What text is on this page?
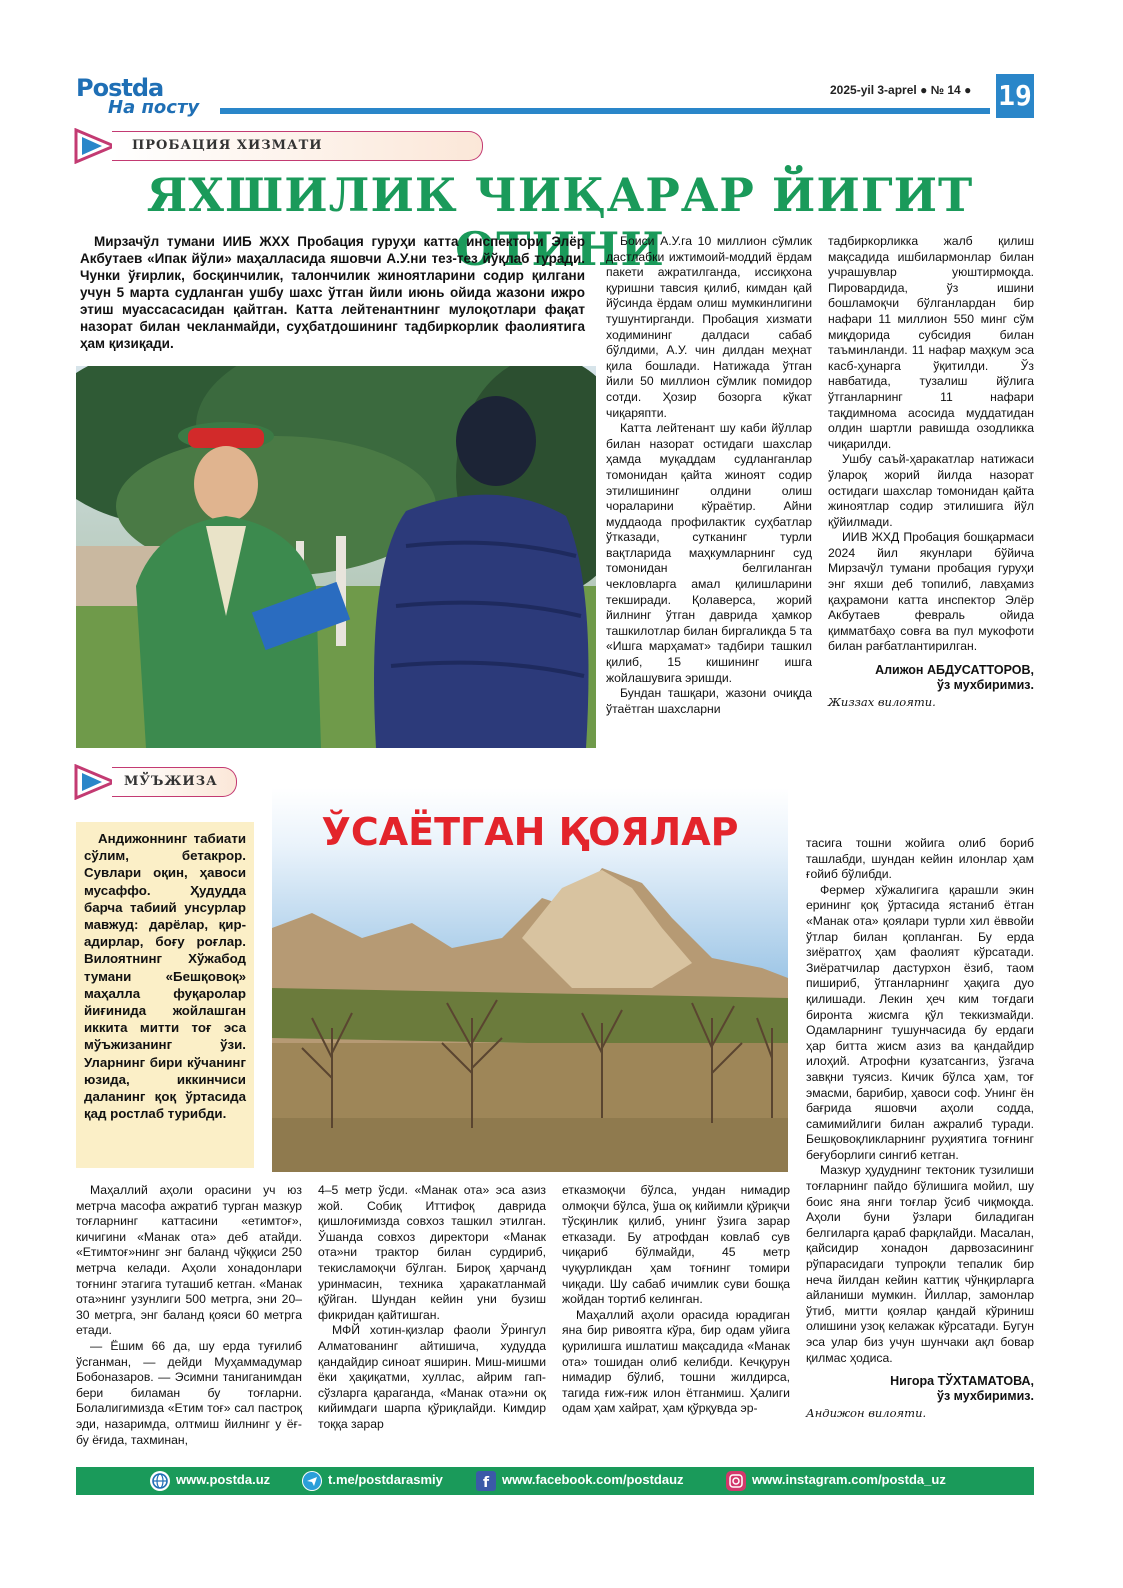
Postda
На посту
2025-yil 3-aprel ● № 14 ● 19
ПРОБАЦИЯ ХИЗМАТИ
ЯХШИЛИК ЧИҚАРАР ЙИГИТ ОТИНИ
Мирзачўл тумани ИИБ ЖХХ Пробация гуруҳи катта инспектори Элёр Акбутаев «Ипак йўли» маҳалласида яшовчи А.У.ни тез-тез йўқлаб туради. Чунки ўғирлик, босқинчилик, талончилик жиноятларини содир қилгани учун 5 марта судланган ушбу шахс ўтган йили июнь ойида жазони ижро этиш муассасасидан қайтган. Катта лейтенантнинг мулоқотлари фақат назорат билан чекланмайди, суҳбатдошининг тадбиркорлик фаолиятига ҳам қизиқади.

Боиси А.У.га 10 миллион сўмлик дастлабки ижтимоий-моддий ёрдам пакети ажратилганда, исcиқхона қуришни тавсия қилиб, кимдан қай йўсинда ёрдам олиш мумкинлигини тушунтирганди. Пробация хизмати ходимининг далдаси сабаб бўлдими, А.У. чин дилдан меҳнат қила бошлади. Натижада ўтган йили 50 миллион сўмлик помидор сотди. Ҳозир бозорга кўкат чиқаряпти.

Катта лейтенант шу каби йўллар билан назорат остидаги шахслар ҳамда муқаддам судланганлар томонидан қайта жиноят содир этилишининг олдини олиш чораларини кўраётир. Айни муддаода профилактик суҳбатлар ўтказади, сутканинг турли вақтларида маҳкумларнинг суд томонидан белгиланган чекловларга амал қилишларини текширади. Қолаверса, жорий йилнинг ўтган даврида ҳамкор ташкилотлар билан биргаликда 5 та «Ишга марҳамат» тадбири ташкил қилиб, 15 кишининг ишга жойлашувига эришди.

Бундан ташқари, жазони очиқда ўтаётган шахсларни

тадбиркорликка жалб қилиш мақсадида ишбилармонлар билан учрашувлар уюштирмоқда. Пировардида, ўз ишини бошламоқчи бўлганлардан бир нафари 11 миллион 550 минг сўм миқдорида субсидия билан таъминланди. 11 нафар маҳкум эса касб-ҳунарга ўқитилди. Ўз навбатида, тузалиш йўлига ўтганларнинг 11 нафари тақдимнома асосида муддатидан олдин шартли равишда озодликка чиқарилди.

Ушбу саъй-ҳаракатлар натижаси ўлароқ жорий йилда назорат остидаги шахслар томонидан қайта жиноятлар содир этилишига йўл қўйилмади.

ИИВ ЖХД Пробация бошқармаси 2024 йил якунлари бўйича Мирзачўл тумани пробация гуруҳи энг яхши деб топилиб, лавҳамиз қаҳрамони катта инспектор Элёр Акбутаев феврaль ойида қимматбаҳо совға ва пул мукофоти билан рағбатлантирилган.

Алижон АБДУСАТТОРОВ,
ўз мухбиримиз.
Жиззах вилояти.
МЎЪЖИЗА
ЎСАЁТГАН ҚОЯЛАР
Андижоннинг табиати сўлим, бетакрор. Сувлари оқин, ҳавоси мусаффо. Ҳудудда барча табиий унсурлар мавжуд: дарёлар, қир-адирлар, боғу роғлар. Вилоятнинг Хўжабод тумани «Бешқовоқ» маҳалла фуқаролар йиғинида жойлашган иккита митти тоғ эса мўъжизанинг ўзи. Уларнинг бири кўчанинг юзида, иккинчиси даланинг қоқ ўртасида қад ростлаб турибди.

Маҳаллий аҳоли орасини уч юз метрча масофа ажратиб турган мазкур тоғларнинг каттасини «етимтоғ», кичигини «Манак ота» деб атайди. «Етимтоғ»нинг энг баланд чўққиси 250 метрча келади. Аҳоли хонадонлари тоғнинг этагига туташиб кетган. «Манак ота»нинг узунлиги 500 метрга, эни 20–30 метрга, энг баланд қояси 60 метрга етади.

— Ёшим 66 да, шу ерда туғилиб ўсганман, — дейди Муҳаммадумар Бобоназаров. — Эсимни таниганимдан бери биламан бу тоғларни. Болалигимизда «Етим тоғ» сал пастроқ эди, назаримда, олтмиш йилнинг у ёғ-бу ёғида, тахминан,

4–5 метр ўсди. «Манак ота» эса азиз жой. Собиқ Иттифоқ даврида қишлоғимизда совхоз ташкил этилган. Ўшанда совхоз директори «Манак ота»ни трактор билан сурдириб, текисламоқчи бўлган. Бироқ ҳарчанд уринмасин, техника ҳаракатланмай қўйган. Шундан кейин уни бузиш фикридан қайтишган.

МФЙ хотин-қизлар фаоли Ўрингул Алматованинг айтишича, худудда қандайдир синоат яширин. Миш-мишми ёки ҳақиқатми, хуллас, айрим гап-сўзларга қараганда, «Манак ота»ни оқ кийимдаги шарпа қўриқлайди. Кимдир тоққа зарар

етказмоқчи бўлса, ундан нимадир олмоқчи бўлса, ўша оқ кийимли қўриқчи тўсқинлик қилиб, унинг ўзига зарар етказади. Бу атрофдан ковлаб сув чиқариб бўлмайди, 45 метр чуқурликдан ҳам тоғнинг томири чиқади. Шу сабаб ичимлик суви бошқа жойдан тортиб келинган.

Маҳаллий аҳоли орасида юрадиган яна бир ривоятга кўра, бир одам уйига қурилишга ишлатиш мақсадида «Манак ота» тошидан олиб келибди. Кечқурун нимадир бўлиб, тошни жилдирса, тагида ғиж-ғиж илон ётганмиш. Ҳалиги одам ҳам хайрат, ҳам қўрқувда эр-

тасига тошни жойига олиб бориб ташлабди, шундан кейин илонлар ҳам ғойиб бўлибди.

Фермер хўжалигига қарашли экин ерининг қоқ ўртасида ястаниб ётган «Манак ота» қоялари турли хил ёввойи ўтлар билан қопланган. Бу ерда зиёратгоҳ ҳам фаолият кўрсатади. Зиёратчилар дастурхон ёзиб, таом пишириб, ўтганларнинг ҳақига дуо қилишади. Лекин ҳеч ким тоғдаги биронта жисмга қўл теккизмайди. Одамларнинг тушунчасида бу ердаги ҳар битта жисм азиз ва қандайдир илоҳий. Атрофни кузатсангиз, ўзгача завқни туясиз. Кичик бўлса ҳам, тоғ эмасми, барибир, ҳавоси соф. Унинг ён бағрида яшовчи аҳоли содда, самимийлиги билан ажралиб туради. Бешқовоқликларнинг руҳиятига тоғнинг беғуборлиги сингиб кетган.

Мазкур ҳудуднинг тектоник тузилиши тоғларнинг пайдо бўлишига мойил, шу боис яна янги тоғлар ўсиб чиқмоқда. Аҳоли буни ўзлари биладиган белгиларга қараб фарқлайди. Масалан, қайсидир хонадон дарвозасининг рўпарасидаги тупроқли тепалик бир неча йилдан кейин каттиқ чўнқирларга айланиши мумкин. Йиллар, замонлар ўтиб, митти қоялар қандай кўриниш олишини узоқ келажак кўрсатади. Бугун эса улар биз учун шунчаки ақл бовар қилмас ҳодиса.

Нигора ТЎХТАМАТОВА,
ўз мухбиримиз.
Андижон вилояти.
www.postda.uz	t.me/postdarasmiy	f www.facebook.com/postdauz	www.instagram.com/postda_uz
